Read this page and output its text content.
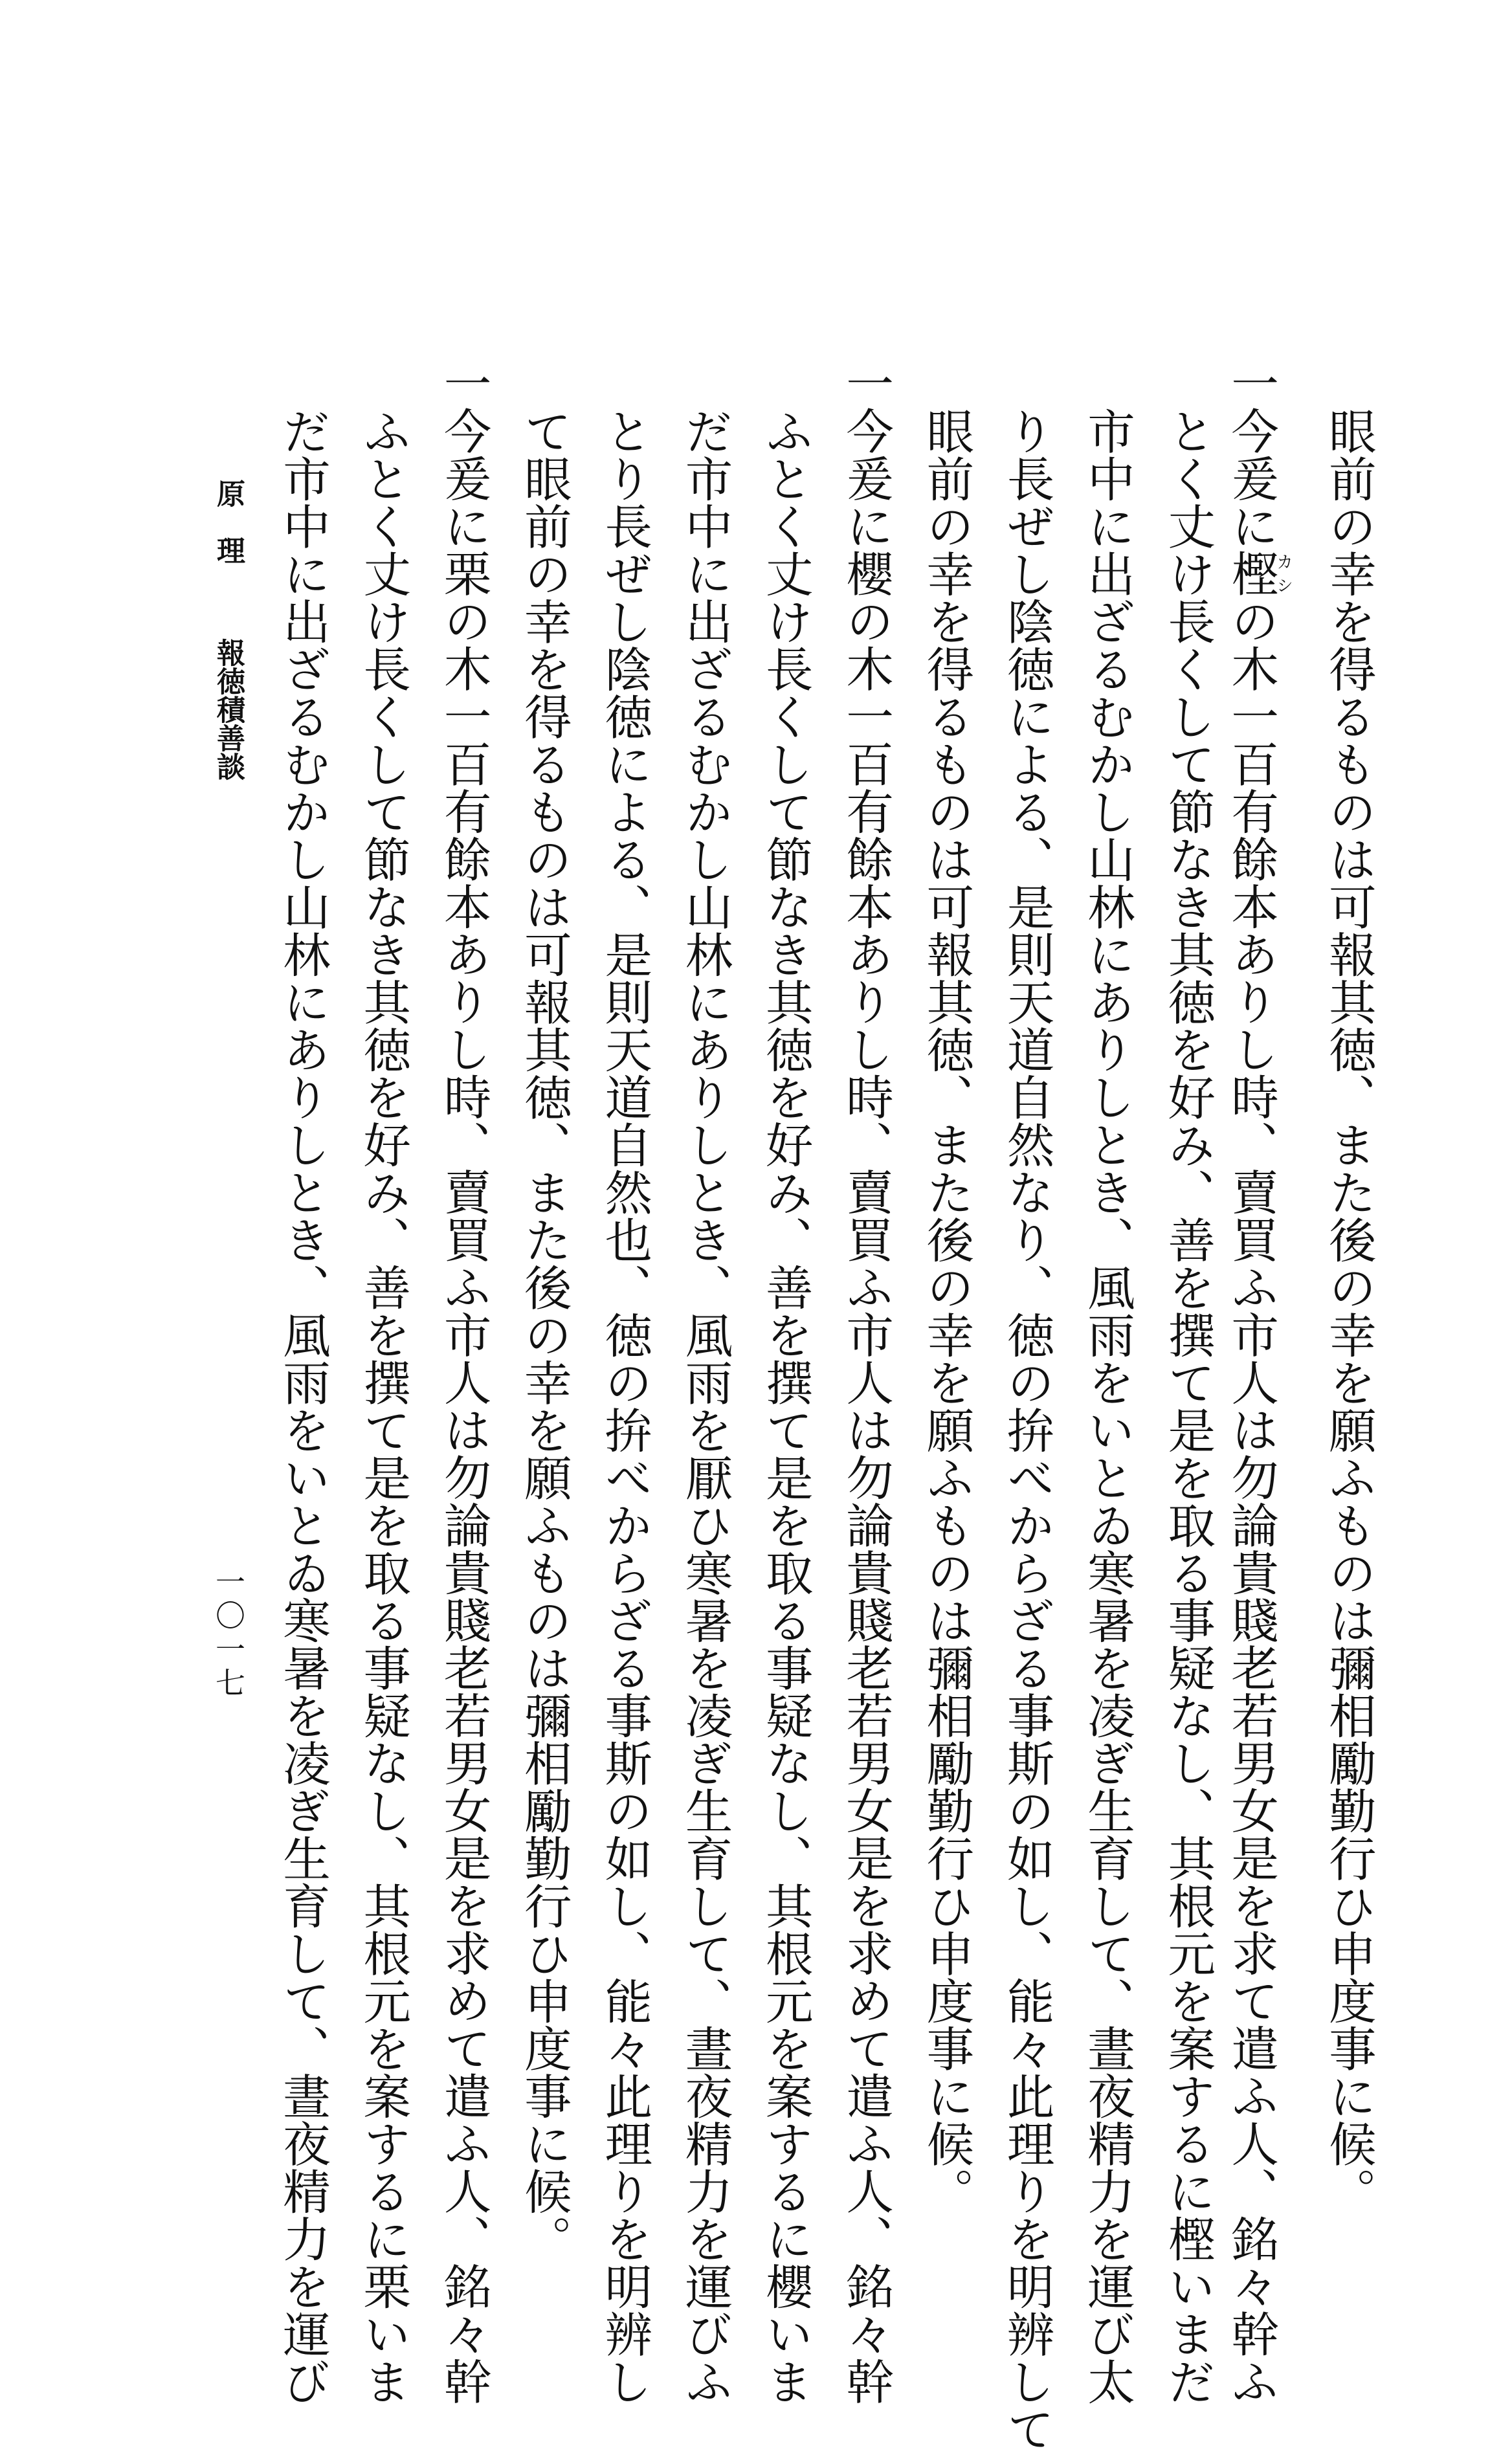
眼前の幸を得るものは可報其徳、また後の幸を願ふものは彌相勵勤行ひ申度事に候。
一今爰に樫カシの木一百有餘本ありし時、賣買ふ市人は勿論貴賤老若男女是を求て遣ふ人、銘々幹ふ
とく丈け長くして節なき其徳を好み、善を撰て是を取る事疑なし、其根元を案するに樫いまだ
市中に出ざるむかし山林にありしとき、風雨をいとゐ寒暑を凌ぎ生育して、晝夜精力を運び太
り長ぜし陰徳による、是則天道自然なり、徳の拚べからざる事斯の如し、能々此理りを明辨して
眼前の幸を得るものは可報其徳、また後の幸を願ふものは彌相勵勤行ひ申度事に候。
一今爰に櫻の木一百有餘本ありし時、賣買ふ市人は勿論貴賤老若男女是を求めて遣ふ人、銘々幹
ふとく丈け長くして節なき其徳を好み、善を撰て是を取る事疑なし、其根元を案するに櫻いま
だ市中に出ざるむかし山林にありしとき、風雨を厭ひ寒暑を凌ぎ生育して、晝夜精力を運びふ
とり長ぜし陰徳による、是則天道自然也、徳の拚べからざる事斯の如し、能々此理りを明辨し
て眼前の幸を得るものは可報其徳、また後の幸を願ふものは彌相勵勤行ひ申度事に候。
一今爰に栗の木一百有餘本ありし時、賣買ふ市人は勿論貴賤老若男女是を求めて遣ふ人、銘々幹
ふとく丈け長くして節なき其徳を好み、善を撰て是を取る事疑なし、其根元を案するに栗いま
だ市中に出ざるむかし山林にありしとき、風雨をいとゐ寒暑を凌ぎ生育して、晝夜精力を運び
原理報徳積善談
一〇一七
